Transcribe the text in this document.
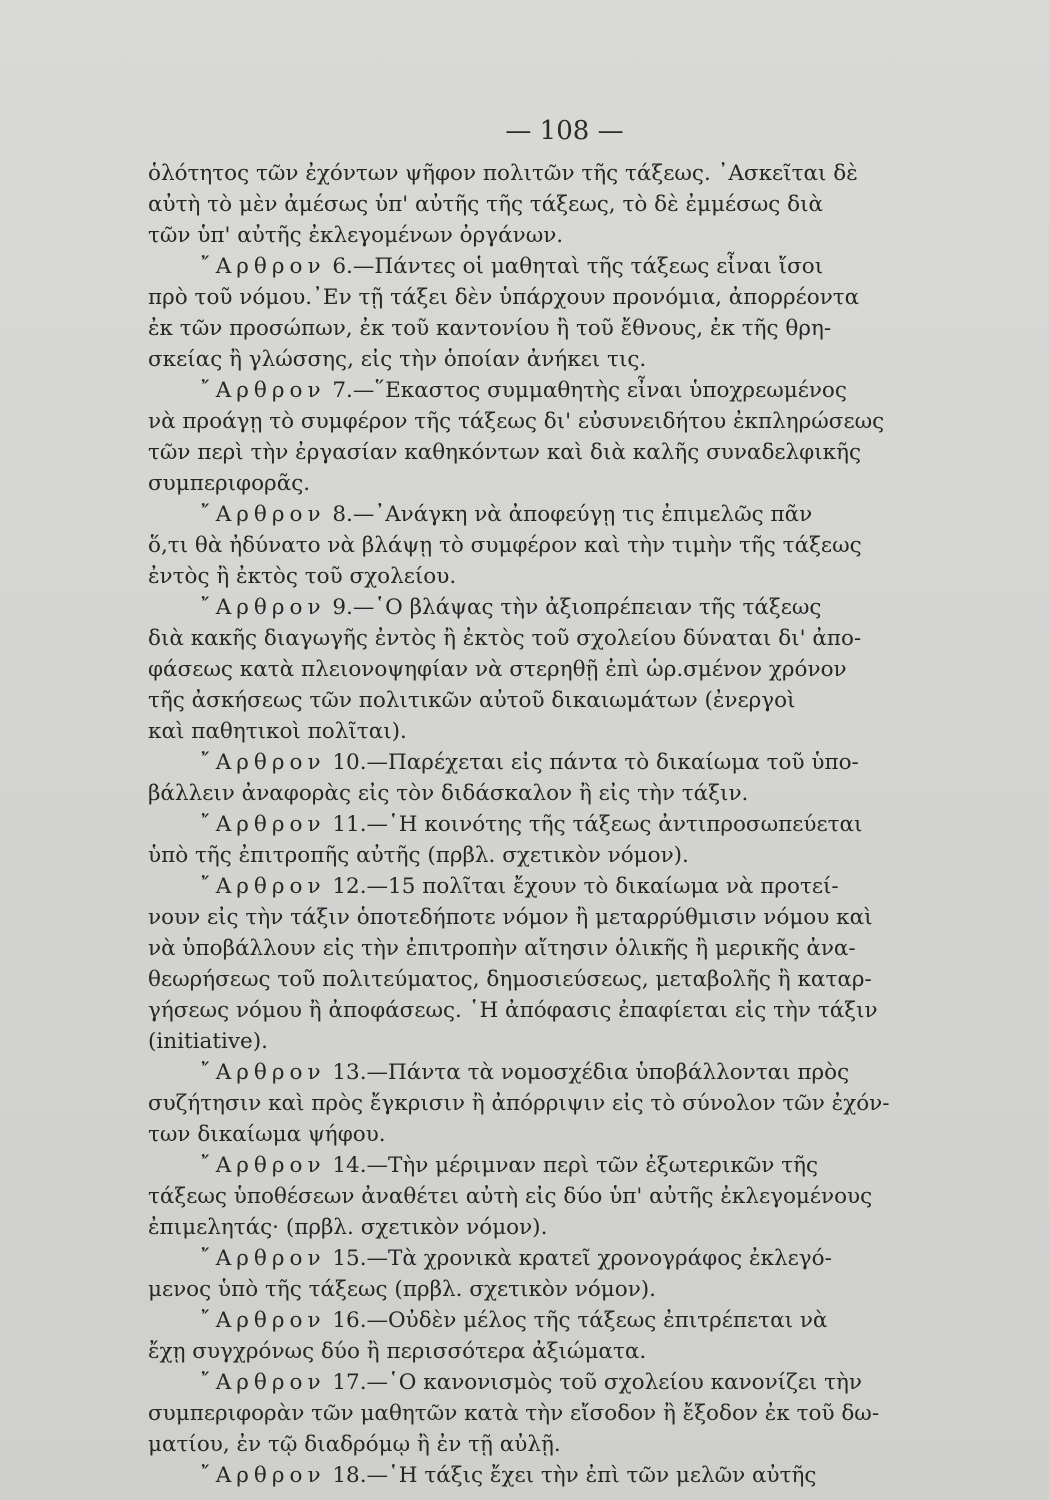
— 108 —
ὁλότητος τῶν ἐχόντων ψῆφον πολιτῶν τῆς τάξεως. ᾿Ασκεῖται δὲ
αὐτὴ τὸ μὲν ἀμέσως ὑπ' αὐτῆς τῆς τάξεως, τὸ δὲ ἐμμέσως διὰ
τῶν ὑπ' αὐτῆς ἐκλεγομένων ὀργάνων.
῎Αρθρον 6.—Πάντες οἱ μαθηταὶ τῆς τάξεως εἶναι ἴσοι
πρὸ τοῦ νόμου.᾿Εν τῇ τάξει δὲν ὑπάρχουν προνόμια, ἀπορρέοντα
ἐκ τῶν προσώπων, ἐκ τοῦ καντονίου ἢ τοῦ ἔθνους, ἐκ τῆς θρη-
σκείας ἢ γλώσσης, εἰς τὴν ὁποίαν ἀνήκει τις.
῎Αρθρον 7.—῞Εκαστος συμμαθητὴς εἶναι ὑποχρεωμένος
νὰ προάγῃ τὸ συμφέρον τῆς τάξεως δι' εὐσυνειδήτου ἐκπληρώσεως
τῶν περὶ τὴν ἐργασίαν καθηκόντων καὶ διὰ καλῆς συναδελφικῆς
συμπεριφορᾶς.
῎Αρθρον 8.—᾿Ανάγκη νὰ ἀποφεύγῃ τις ἐπιμελῶς πᾶν
ὅ,τι θὰ ἠδύνατο νὰ βλάψῃ τὸ συμφέρον καὶ τὴν τιμὴν τῆς τάξεως
ἐντὸς ἢ ἐκτὸς τοῦ σχολείου.
῎Αρθρον 9.—῾Ο βλάψας τὴν ἀξιοπρέπειαν τῆς τάξεως
διὰ κακῆς διαγωγῆς ἐντὸς ἢ ἐκτὸς τοῦ σχολείου δύναται δι' ἀπο-
φάσεως κατὰ πλειονοψηφίαν νὰ στερηθῇ ἐπὶ ὡρ.σμένον χρόνον
τῆς ἀσκήσεως τῶν πολιτικῶν αὐτοῦ δικαιωμάτων (ἐνεργοὶ
καὶ παθητικοὶ πολῖται).
῎Αρθρον 10.—Παρέχεται εἰς πάντα τὸ δικαίωμα τοῦ ὑπο-
βάλλειν ἀναφορὰς εἰς τὸν διδάσκαλον ἢ εἰς τὴν τάξιν.
῎Αρθρον 11.—῾Η κοινότης τῆς τάξεως ἀντιπροσωπεύεται
ὑπὸ τῆς ἐπιτροπῆς αὐτῆς (πρβλ. σχετικὸν νόμον).
῎Αρθρον 12.—15 πολῖται ἔχουν τὸ δικαίωμα νὰ προτεί-
νουν εἰς τὴν τάξιν ὁποτεδήποτε νόμον ἢ μεταρρύθμισιν νόμου καὶ
νὰ ὑποβάλλουν εἰς τὴν ἐπιτροπὴν αἴτησιν ὁλικῆς ἢ μερικῆς ἀνα-
θεωρήσεως τοῦ πολιτεύματος, δημοσιεύσεως, μεταβολῆς ἢ καταρ-
γήσεως νόμου ἢ ἀποφάσεως. ῾Η ἀπόφασις ἐπαφίεται εἰς τὴν τάξιν
(initiative).
῎Αρθρον 13.—Πάντα τὰ νομοσχέδια ὑποβάλλονται πρὸς
συζήτησιν καὶ πρὸς ἔγκρισιν ἢ ἀπόρριψιν εἰς τὸ σύνολον τῶν ἐχόν-
των δικαίωμα ψήφου.
῎Αρθρον 14.—Τὴν μέριμναν περὶ τῶν ἐξωτερικῶν τῆς
τάξεως ὑποθέσεων ἀναθέτει αὐτὴ εἰς δύο ὑπ' αὐτῆς ἐκλεγομένους
ἐπιμελητάς· (πρβλ. σχετικὸν νόμον).
῎Αρθρον 15.—Τὰ χρονικὰ κρατεῖ χρονογράφος ἐκλεγό-
μενος ὑπὸ τῆς τάξεως (πρβλ. σχετικὸν νόμον).
῎Αρθρον 16.—Οὐδὲν μέλος τῆς τάξεως ἐπιτρέπεται νὰ
ἔχῃ συγχρόνως δύο ἢ περισσότερα ἀξιώματα.
῎Αρθρον 17.—῾Ο κανονισμὸς τοῦ σχολείου κανονίζει τὴν
συμπεριφορὰν τῶν μαθητῶν κατὰ τὴν εἴσοδον ἢ ἔξοδον ἐκ τοῦ δω-
ματίου, ἐν τῷ διαδρόμῳ ἢ ἐν τῇ αὐλῇ.
῎Αρθρον 18.—῾Η τάξις ἔχει τὴν ἐπὶ τῶν μελῶν αὐτῆς
